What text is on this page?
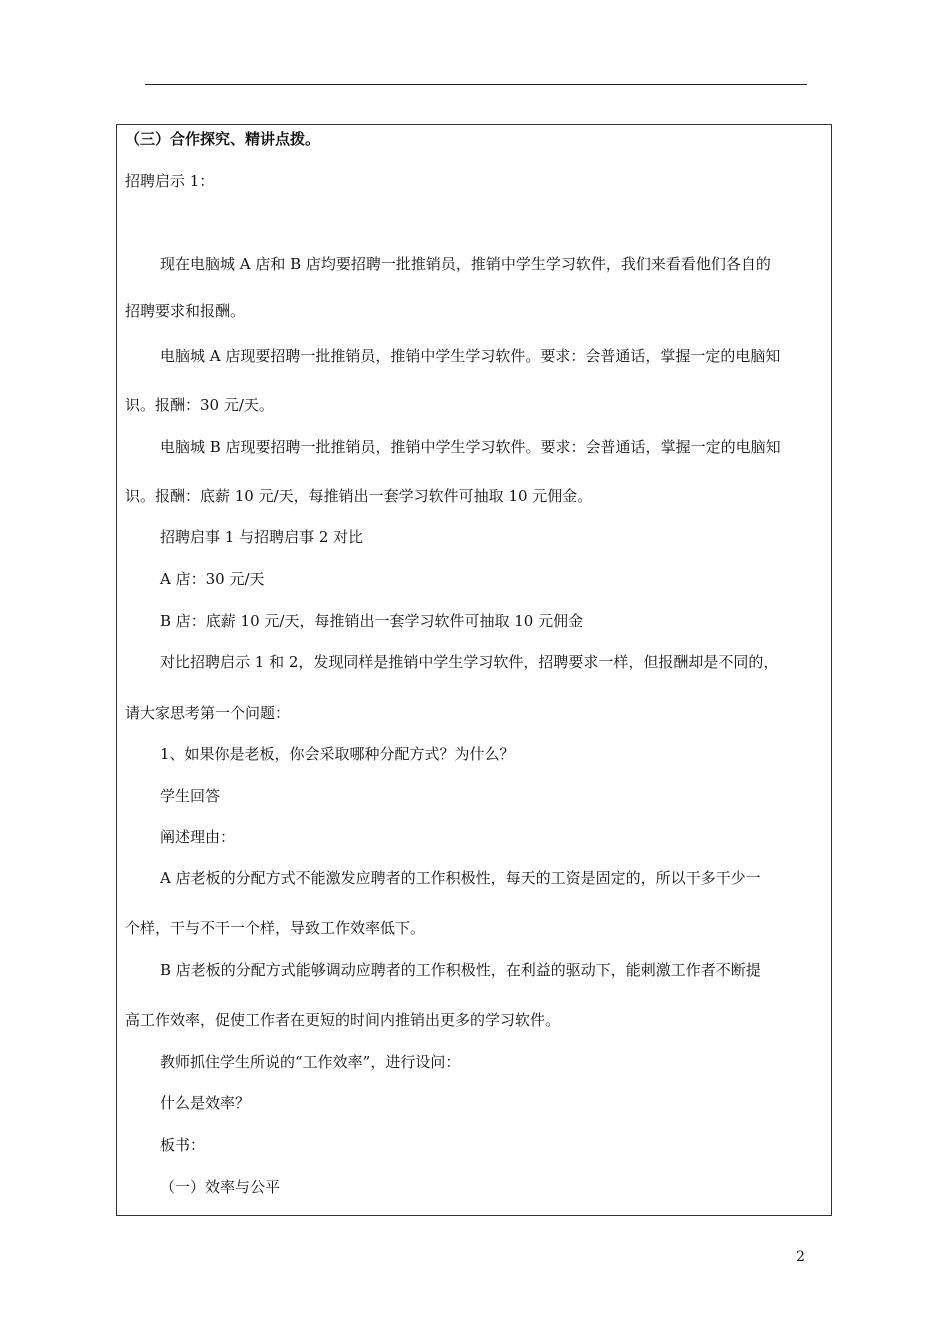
（三）合作探究、精讲点拨。
招聘启示 1：
现在电脑城 A 店和 B 店均要招聘一批推销员，推销中学生学习软件，我们来看看他们各自的
招聘要求和报酬。
电脑城 A 店现要招聘一批推销员，推销中学生学习软件。要求：会普通话，掌握一定的电脑知
识。报酬：30 元/天。
电脑城 B 店现要招聘一批推销员，推销中学生学习软件。要求：会普通话，掌握一定的电脑知
识。报酬：底薪 10 元/天，每推销出一套学习软件可抽取 10 元佣金。
招聘启事 1 与招聘启事 2 对比
A 店：30 元/天
B 店：底薪 10 元/天，每推销出一套学习软件可抽取 10 元佣金
对比招聘启示 1 和 2，发现同样是推销中学生学习软件，招聘要求一样，但报酬却是不同的，
请大家思考第一个问题：
1、如果你是老板，你会采取哪种分配方式？为什么？
学生回答
阐述理由：
A 店老板的分配方式不能激发应聘者的工作积极性，每天的工资是固定的，所以干多干少一
个样，干与不干一个样，导致工作效率低下。
B 店老板的分配方式能够调动应聘者的工作积极性，在利益的驱动下，能刺激工作者不断提
高工作效率，促使工作者在更短的时间内推销出更多的学习软件。
教师抓住学生所说的“工作效率”，进行设问：
什么是效率？
板书：
（一）效率与公平
2
